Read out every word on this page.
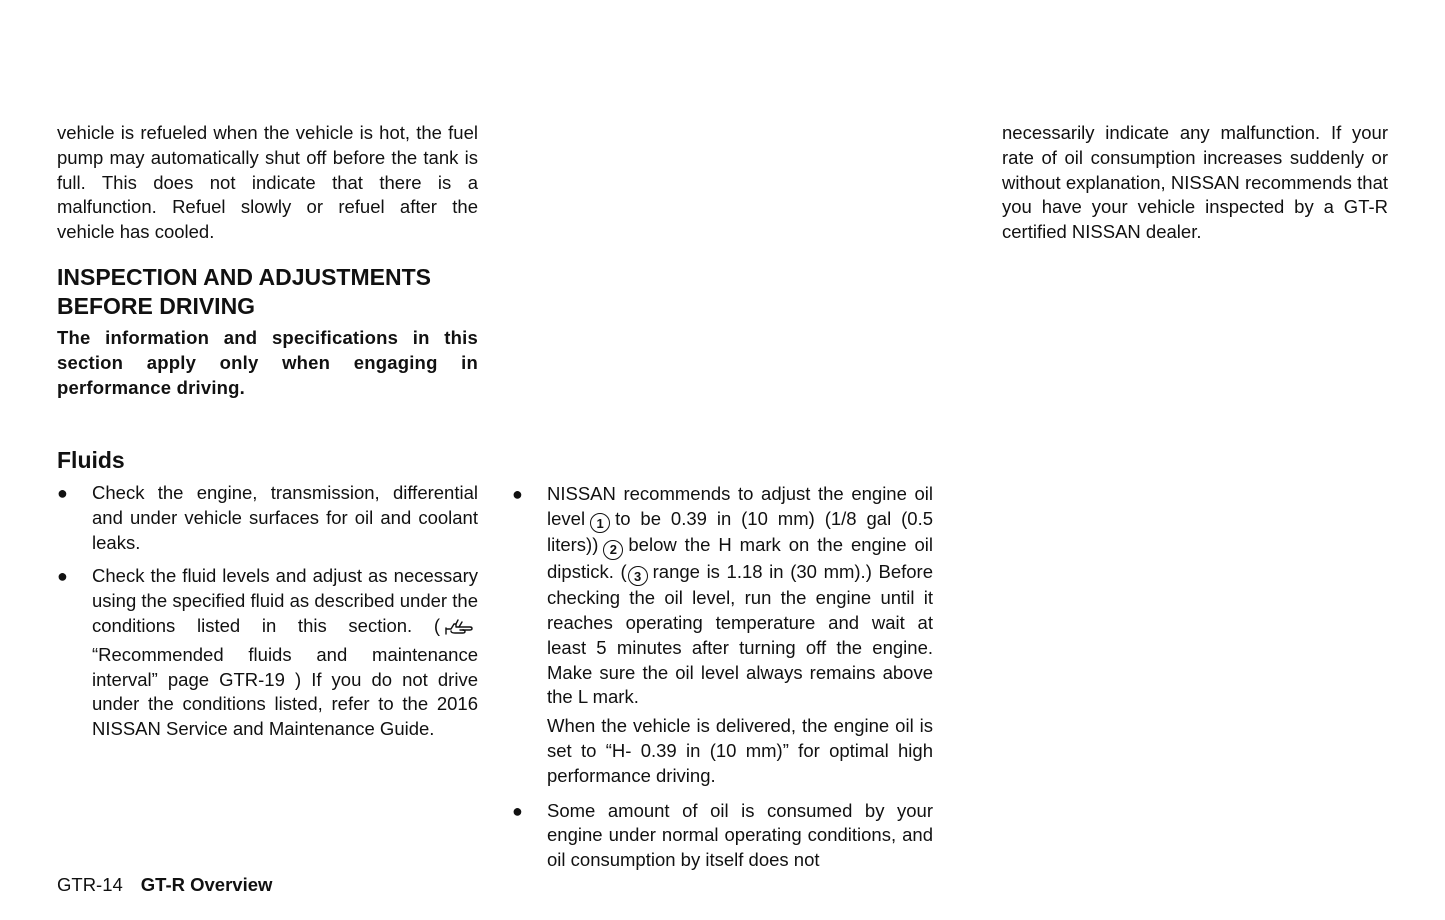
vehicle is refueled when the vehicle is hot, the fuel pump may automatically shut off before the tank is full. This does not indicate that there is a malfunction. Refuel slowly or refuel after the vehicle has cooled.

INSPECTION AND ADJUSTMENTS
BEFORE DRIVING

The information and specifications in this section apply only when engaging in performance driving.

Fluids
● Check the engine, transmission, differential and under vehicle surfaces for oil and coolant leaks.
● Check the fluid levels and adjust as necessary using the specified fluid as described under the conditions listed in this section. (“Recommended fluids and maintenance interval” page GTR-19 ) If you do not drive under the conditions listed, refer to the 2016 NISSAN Service and Maintenance Guide.
● NISSAN recommends to adjust the engine oil level 1 to be 0.39 in (10 mm) (1/8 gal (0.5 liters)) 2 below the H mark on the engine oil dipstick. ( 3 range is 1.18 in (30 mm).) Before checking the oil level, run the engine until it reaches operating temperature and wait at least 5 minutes after turning off the engine. Make sure the oil level always remains above the L mark.

When the vehicle is delivered, the engine oil is set to “H- 0.39 in (10 mm)” for optimal high performance driving.

● Some amount of oil is consumed by your engine under normal operating conditions, and oil consumption by itself does not

necessarily indicate any malfunction. If your rate of oil consumption increases suddenly or without explanation, NISSAN recommends that you have your vehicle inspected by a GT-R certified NISSAN dealer.

GTR-14 GT-R Overview
